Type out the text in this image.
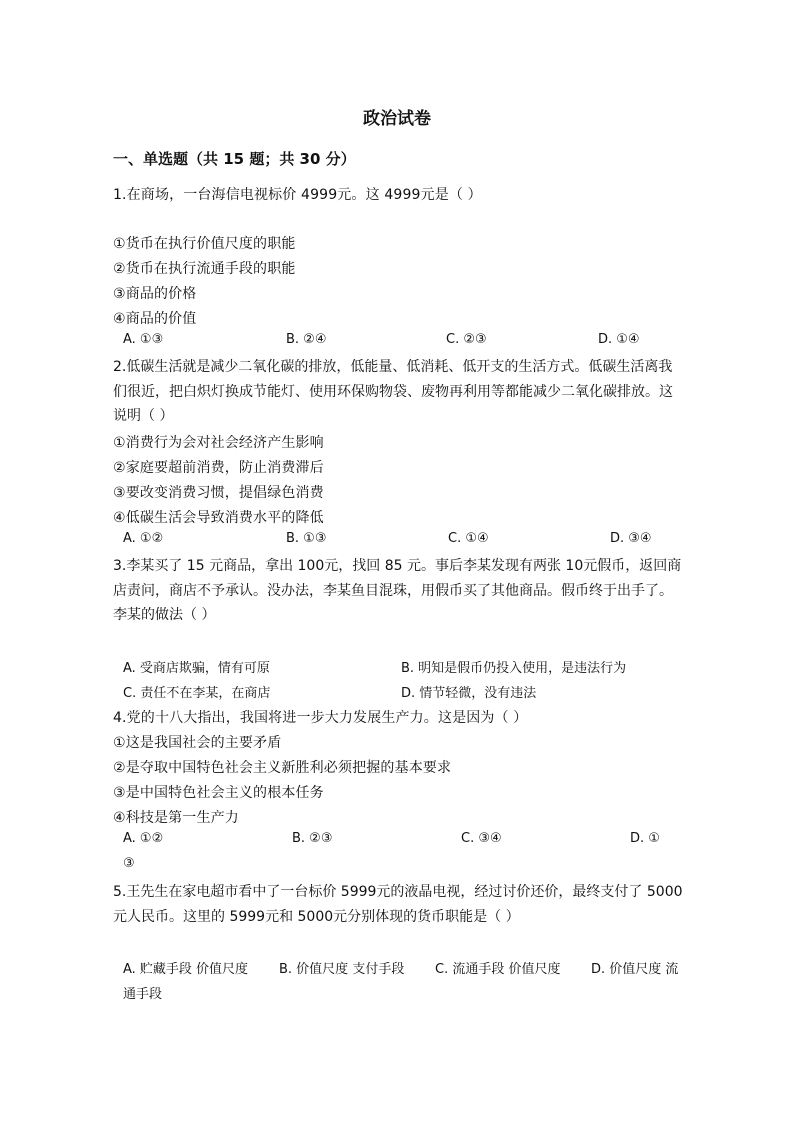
政治试卷
一、单选题（共 15 题；共 30 分）
1.在商场，一台海信电视标价 4999元。这 4999元是（ ）
①货币在执行价值尺度的职能
②货币在执行流通手段的职能
③商品的价格
④商品的价值
A. ①③	B. ②④	C. ②③	D. ①④
2.低碳生活就是减少二氧化碳的排放，低能量、低消耗、低开支的生活方式。低碳生活离我们很近，把白炽灯换成节能灯、使用环保购物袋、废物再利用等都能减少二氧化碳排放。这说明（ ）
①消费行为会对社会经济产生影响
②家庭要超前消费，防止消费滞后
③要改变消费习惯，提倡绿色消费
④低碳生活会导致消费水平的降低
A. ①②	B. ①③	C. ①④	D. ③④
3.李某买了 15 元商品，拿出 100元，找回 85 元。事后李某发现有两张 10元假币，返回商店责问，商店不予承认。没办法，李某鱼目混珠，用假币买了其他商品。假币终于出手了。李某的做法（ ）
A. 受商店欺骗，情有可原	B. 明知是假币仍投入使用，是违法行为
C. 责任不在李某，在商店	D. 情节轻微，没有违法
4.党的十八大指出，我国将进一步大力发展生产力。这是因为（ ）
①这是我国社会的主要矛盾
②是夺取中国特色社会主义新胜利必须把握的基本要求
③是中国特色社会主义的根本任务
④科技是第一生产力
A. ①②	B. ②③	C. ③④	D. ①
③
5.王先生在家电超市看中了一台标价 5999元的液晶电视，经过讨价还价，最终支付了 5000 元人民币。这里的 5999元和 5000元分别体现的货币职能是（ ）
A. 贮藏手段 价值尺度 B. 价值尺度 支付手段 C. 流通手段 价值尺度 D. 价值尺度 流
通手段
